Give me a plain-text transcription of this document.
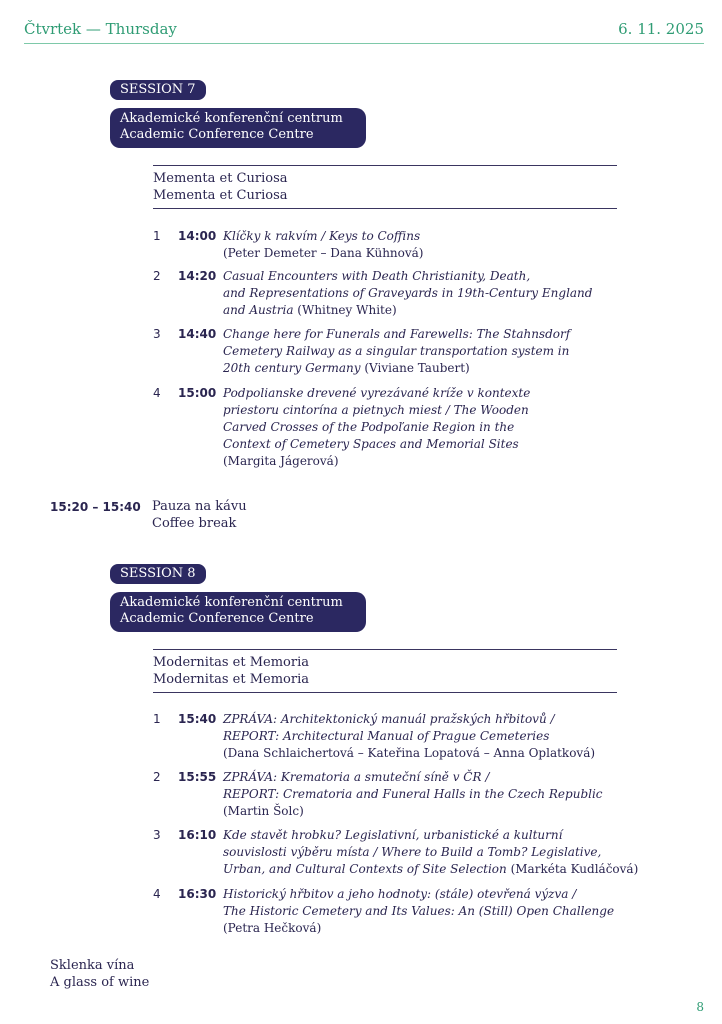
Čtvrtek — Thursday	6. 11. 2025
SESSION 7
Akademické konferenční centrum
Academic Conference Centre
Mementa et Curiosa
Mementa et Curiosa
1 14:00 Klíčky k rakvím / Keys to Coffins
(Peter Demeter – Dana Kühnová)
2 14:20 Casual Encounters with Death Christianity, Death,
and Representations of Graveyards in 19th-Century England
and Austria (Whitney White)
3 14:40 Change here for Funerals and Farewells: The Stahnsdorf
Cemetery Railway as a singular transportation system in
20th century Germany (Viviane Taubert)
4 15:00 Podpolianske drevené vyrezávané kríže v kontexte
priestoru cintorína a pietnych miest / The Wooden
Carved Crosses of the Podpoľanie Region in the
Context of Cemetery Spaces and Memorial Sites
(Margita Jágerová)
15:20 – 15:40 Pauza na kávu
Coffee break
SESSION 8
Akademické konferenční centrum
Academic Conference Centre
Modernitas et Memoria
Modernitas et Memoria
1 15:40 ZPRÁVA: Architektonický manuál pražských hřbitovů /
REPORT: Architectural Manual of Prague Cemeteries
(Dana Schlaichertová – Kateřina Lopatová – Anna Oplatková)
2 15:55 ZPRÁVA: Krematoria a smuteční síně v ČR /
REPORT: Crematoria and Funeral Halls in the Czech Republic
(Martin Šolc)
3 16:10 Kde stavět hrobku? Legislativní, urbanistické a kulturní
souvislosti výběru místa / Where to Build a Tomb? Legislative,
Urban, and Cultural Contexts of Site Selection (Markéta Kudláčová)
4 16:30 Historický hřbitov a jeho hodnoty: (stále) otevřená výzva /
The Historic Cemetery and Its Values: An (Still) Open Challenge
(Petra Hečková)
Sklenka vína
A glass of wine
8
